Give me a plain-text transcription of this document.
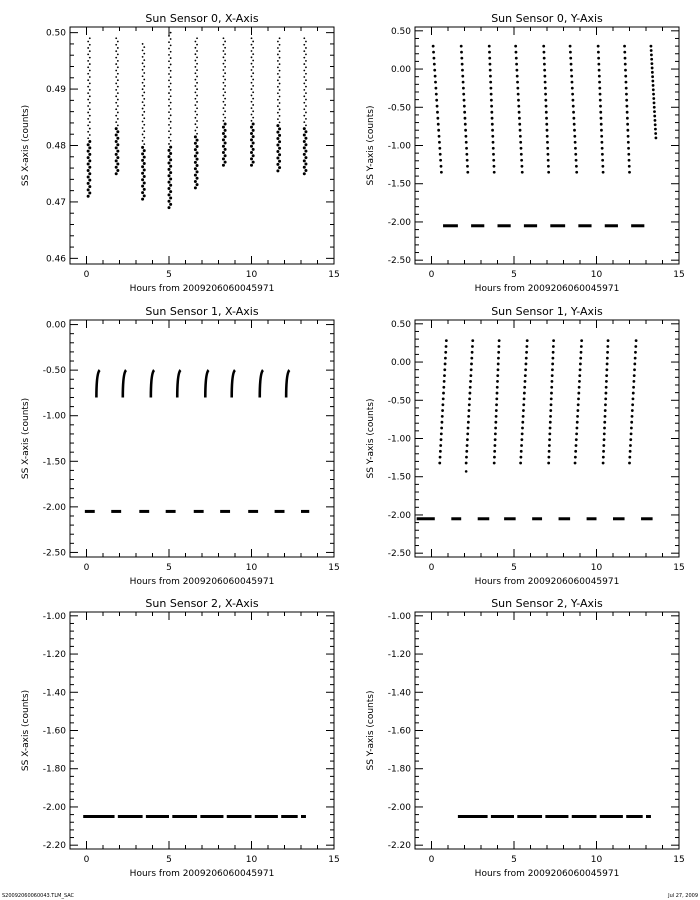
Sun Sensor 0, X-Axis
0	5	10	15
0.46
0.47
0.48
0.49
0.50
Hours from 2009206060045971
SS X-axis (counts)
Sun Sensor 0, Y-Axis
0	5	10	15
0.50
0.00
-0.50
-1.00
-1.50
-2.00
-2.50
Hours from 2009206060045971
SS Y-axis (counts)
Sun Sensor 1, X-Axis
0	5	10	15
0.00
-0.50
-1.00
-1.50
-2.00
-2.50
Hours from 2009206060045971
SS X-axis (counts)
Sun Sensor 1, Y-Axis
0	5	10	15
0.50
0.00
-0.50
-1.00
-1.50
-2.00
-2.50
Hours from 2009206060045971
SS Y-axis (counts)
Sun Sensor 2, X-Axis
0	5	10	15
-1.00
-1.20
-1.40
-1.60
-1.80
-2.00
-2.20
Hours from 2009206060045971
SS X-axis (counts)
Sun Sensor 2, Y-Axis
0	5	10	15
-1.00
-1.20
-1.40
-1.60
-1.80
-2.00
-2.20
Hours from 2009206060045971
SS Y-axis (counts)
S20092060060043.TLM_SAC	Jul 27, 2009
